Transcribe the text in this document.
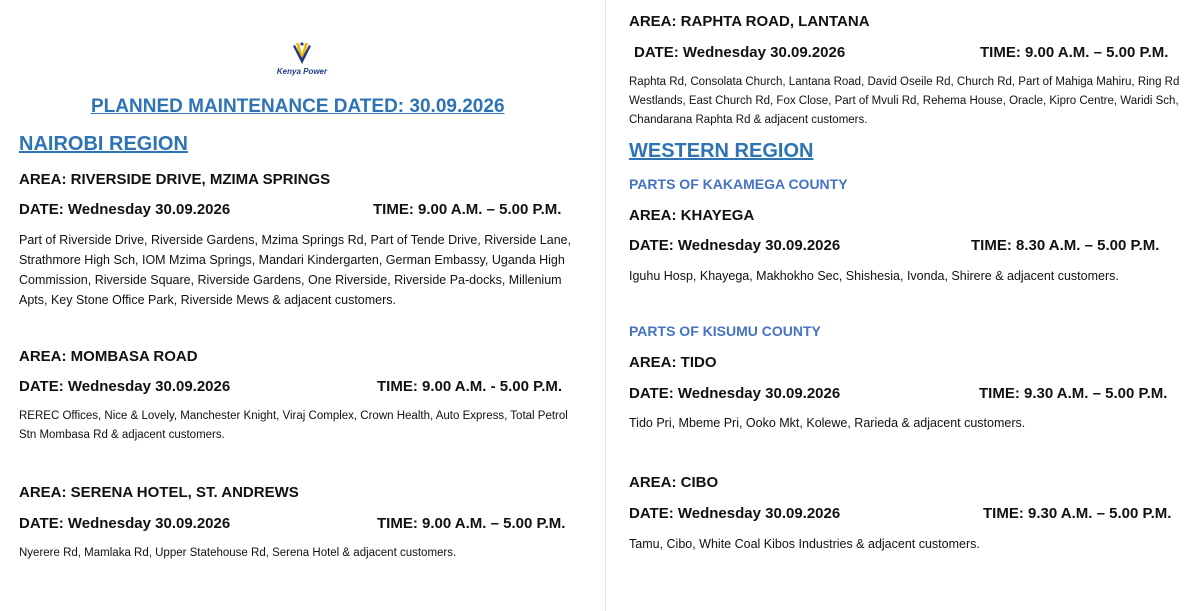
Kenya Power
PLANNED MAINTENANCE DATED: 30.09.2026
NAIROBI REGION
AREA: RIVERSIDE DRIVE, MZIMA SPRINGS
DATE: Wednesday 30.09.2026	TIME: 9.00 A.M. – 5.00 P.M.
Part of Riverside Drive, Riverside Gardens, Mzima Springs Rd, Part of Tende Drive, Riverside Lane, Strathmore High Sch, IOM Mzima Springs, Mandari Kindergarten, German Embassy, Uganda High Commission, Riverside Square, Riverside Gardens, One Riverside, Riverside Pa-docks, Millenium Apts, Key Stone Office Park, Riverside Mews & adjacent customers.
AREA: MOMBASA ROAD
DATE: Wednesday 30.09.2026	TIME: 9.00 A.M. - 5.00 P.M.
REREC Offices, Nice & Lovely, Manchester Knight, Viraj Complex, Crown Health, Auto Express, Total Petrol Stn Mombasa Rd & adjacent customers.
AREA: SERENA HOTEL, ST. ANDREWS
DATE: Wednesday 30.09.2026	TIME: 9.00 A.M. – 5.00 P.M.
Nyerere Rd, Mamlaka Rd, Upper Statehouse Rd, Serena Hotel & adjacent customers.
AREA: RAPHTA ROAD, LANTANA
DATE: Wednesday 30.09.2026	TIME: 9.00 A.M. – 5.00 P.M.
Raphta Rd, Consolata Church, Lantana Road, David Oseile Rd, Church Rd, Part of Mahiga Mahiru, Ring Rd Westlands, East Church Rd, Fox Close, Part of Mvuli Rd, Rehema House, Oracle, Kipro Centre, Waridi Sch, Chandarana Raphta Rd & adjacent customers.
WESTERN REGION
PARTS OF KAKAMEGA COUNTY
AREA: KHAYEGA
DATE: Wednesday 30.09.2026	TIME: 8.30 A.M. – 5.00 P.M.
Iguhu Hosp, Khayega, Makhokho Sec, Shishesia, Ivonda, Shirere & adjacent customers.
PARTS OF KISUMU COUNTY
AREA: TIDO
DATE: Wednesday 30.09.2026	TIME: 9.30 A.M. – 5.00 P.M.
Tido Pri, Mbeme Pri, Ooko Mkt, Kolewe, Rarieda & adjacent customers.
AREA: CIBO
DATE: Wednesday 30.09.2026	TIME: 9.30 A.M. – 5.00 P.M.
Tamu, Cibo, White Coal Kibos Industries & adjacent customers.
